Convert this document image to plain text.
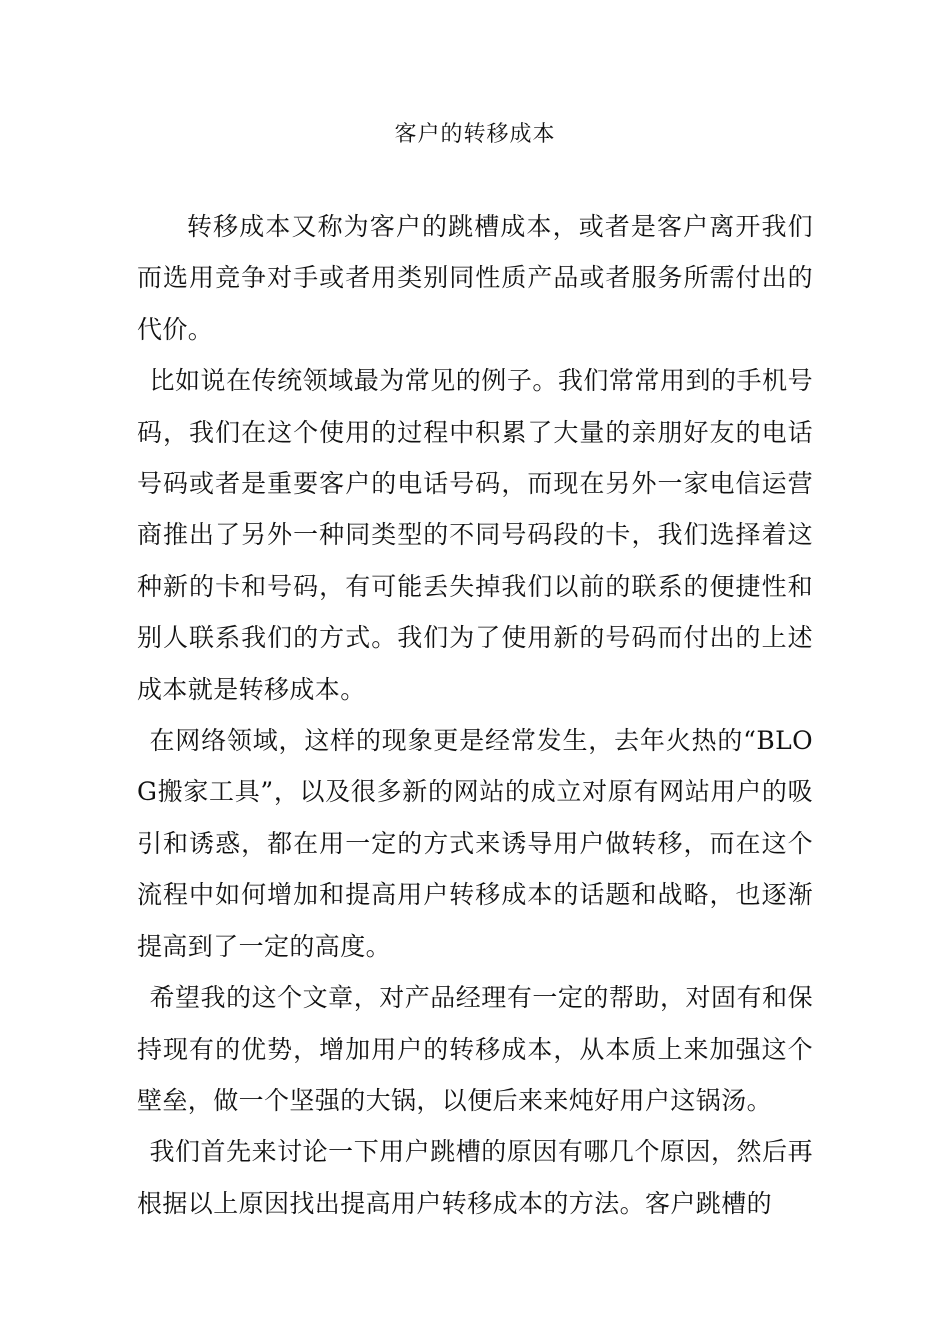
客户的转移成本

转移成本又称为客户的跳槽成本，或者是客户离开我们而选用竞争对手或者用类别同性质产品或者服务所需付出的代价。

比如说在传统领域最为常见的例子。我们常常用到的手机号码，我们在这个使用的过程中积累了大量的亲朋好友的电话号码或者是重要客户的电话号码，而现在另外一家电信运营商推出了另外一种同类型的不同号码段的卡，我们选择着这种新的卡和号码，有可能丢失掉我们以前的联系的便捷性和别人联系我们的方式。我们为了使用新的号码而付出的上述成本就是转移成本。

在网络领域，这样的现象更是经常发生，去年火热的“BLOG搬家工具”，以及很多新的网站的成立对原有网站用户的吸引和诱惑，都在用一定的方式来诱导用户做转移，而在这个流程中如何增加和提高用户转移成本的话题和战略，也逐渐提高到了一定的高度。

希望我的这个文章，对产品经理有一定的帮助，对固有和保持现有的优势，增加用户的转移成本，从本质上来加强这个壁垒，做一个坚强的大锅，以便后来来炖好用户这锅汤。

我们首先来讨论一下用户跳槽的原因有哪几个原因，然后再根据以上原因找出提高用户转移成本的方法。客户跳槽的
